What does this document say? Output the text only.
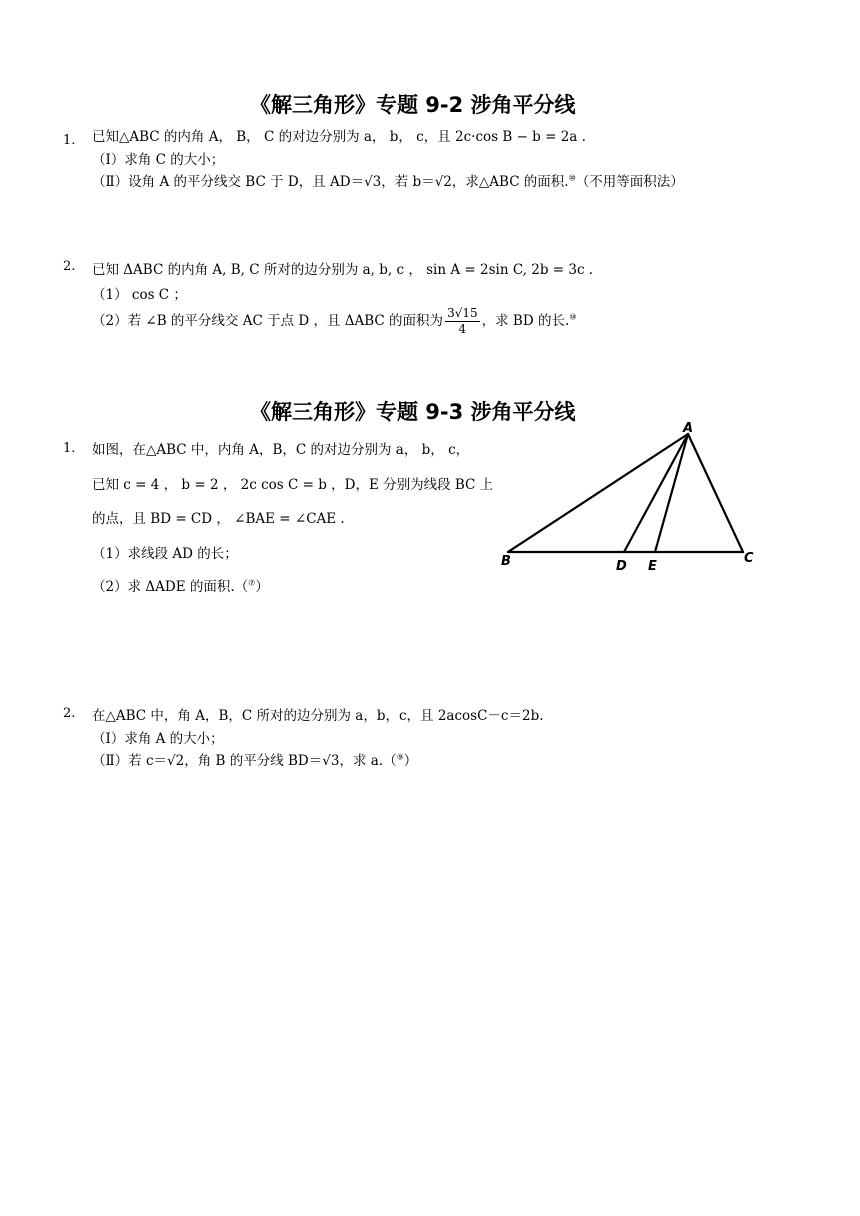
《解三角形》专题 9-2 涉角平分线
1. 已知△ABC 的内角 A， B， C 的对边分别为 a， b， c，且 2c·cos B − b = 2a .
（Ⅰ）求角 C 的大小；
（Ⅱ）设角 A 的平分线交 BC 于 D，且 AD＝√3，若 b＝√2，求△ABC 的面积.⑩（不用等面积法）
2. 已知 ΔABC 的内角 A, B, C 所对的边分别为 a, b, c ， sin A = 2sin C, 2b = 3c .
（1） cos C ；
（2）若 ∠B 的平分线交 AC 于点 D ，且 ΔABC 的面积为 $\frac{3√15}{4}$ ，求 BD 的长.⑩
《解三角形》专题 9-3 涉角平分线
1. 如图，在△ABC 中，内角 A，B，C 的对边分别为 a， b， c，
已知 c = 4 ， b = 2 ， 2c cos C = b ，D，E 分别为线段 BC 上
的点，且 BD = CD ， ∠BAE = ∠CAE .
（1）求线段 AD 的长；
（2）求 ΔADE 的面积.（⑦）
A
B	C
D E
2. 在△ABC 中，角 A，B，C 所对的边分别为 a，b，c，且 2acosC－c＝2b.
（Ⅰ）求角 A 的大小；
（Ⅱ）若 c＝√2，角 B 的平分线 BD＝√3，求 a.（⑨）
